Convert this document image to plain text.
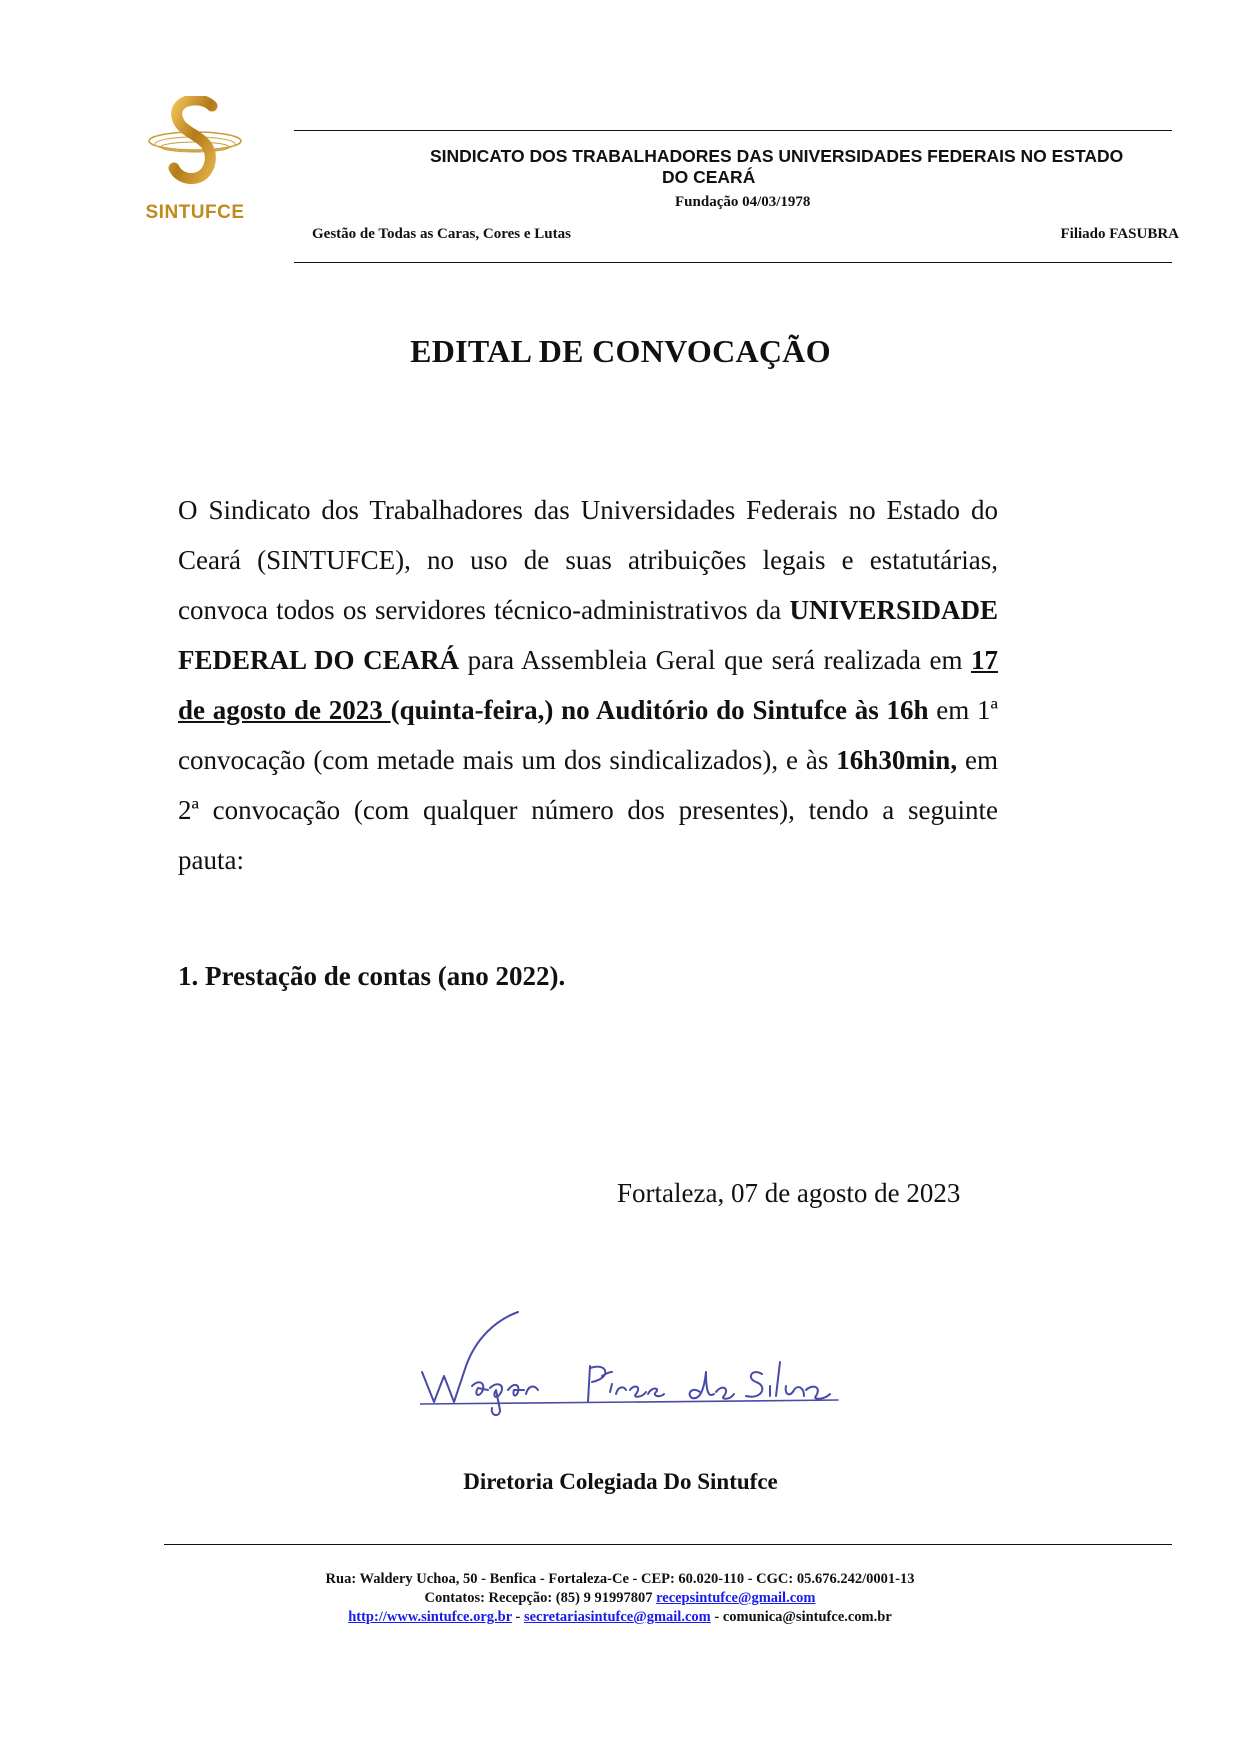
SINTUFCE
SINDICATO DOS TRABALHADORES DAS UNIVERSIDADES FEDERAIS NO ESTADO
DO CEARÁ
Fundação 04/03/1978
Gestão de Todas as Caras, Cores e Lutas	Filiado FASUBRA
EDITAL DE CONVOCAÇÃO
O Sindicato dos Trabalhadores das Universidades Federais no Estado do Ceará (SINTUFCE), no uso de suas atribuições legais e estatutárias, convoca todos os servidores técnico-administrativos da UNIVERSIDADE FEDERAL DO CEARÁ para Assembleia Geral que será realizada em 17 de agosto de 2023 (quinta-feira,) no Auditório do Sintufce às 16h em 1ª convocação (com metade mais um dos sindicalizados), e às 16h30min, em 2ª convocação (com qualquer número dos presentes), tendo a seguinte pauta:
1. Prestação de contas (ano 2022).
Fortaleza, 07 de agosto de 2023
Diretoria Colegiada Do Sintufce
Rua: Waldery Uchoa, 50 - Benfica - Fortaleza-Ce - CEP: 60.020-110 - CGC: 05.676.242/0001-13
Contatos: Recepção: (85) 9 91997807 recepsintufce@gmail.com
http://www.sintufce.org.br - secretariasintufce@gmail.com - comunica@sintufce.com.br
